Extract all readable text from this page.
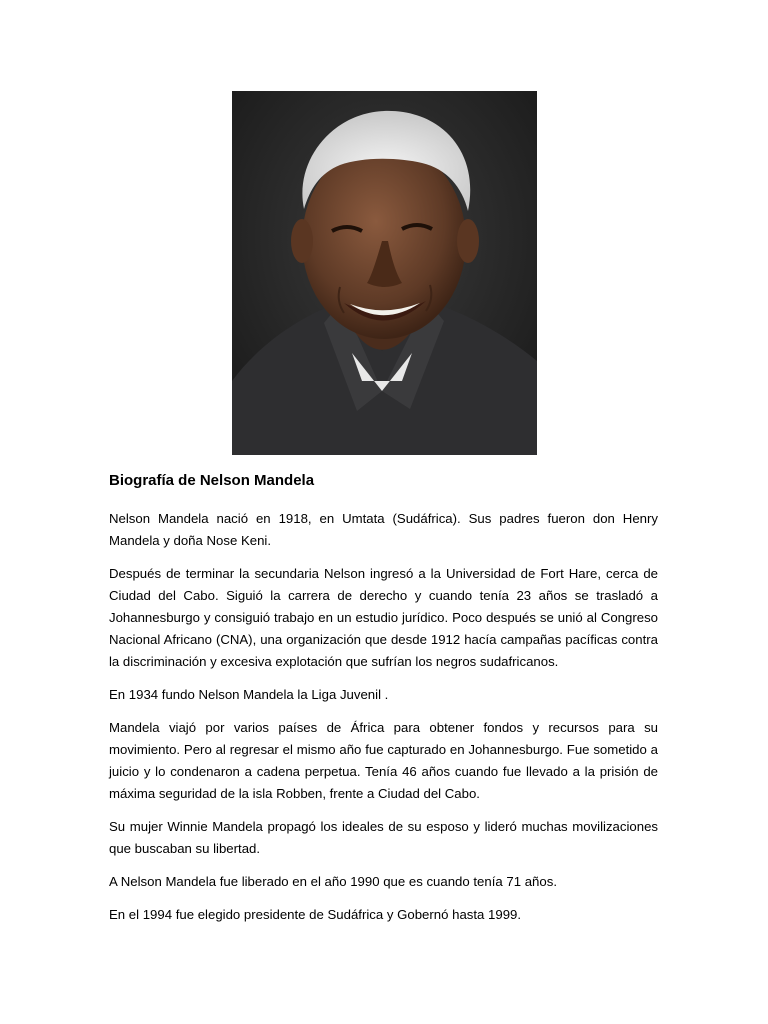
Biografía de Nelson Mandela

Nelson Mandela nació en 1918, en Umtata (Sudáfrica). Sus padres fueron don Henry Mandela y doña Nose Keni.

Después de terminar la secundaria Nelson ingresó a la Universidad de Fort Hare, cerca de Ciudad del Cabo. Siguió la carrera de derecho y cuando tenía 23 años se trasladó a Johannesburgo y consiguió trabajo en un estudio jurídico. Poco después se unió al Congreso Nacional Africano (CNA), una organización que desde 1912 hacía campañas pacíficas contra la discriminación y excesiva explotación que sufrían los negros sudafricanos.

En 1934 fundo Nelson Mandela la Liga Juvenil .

Mandela viajó por varios países de África para obtener fondos y recursos para su movimiento. Pero al regresar el mismo año fue capturado en Johannesburgo. Fue sometido a juicio y lo condenaron a cadena perpetua. Tenía 46 años cuando fue llevado a la prisión de máxima seguridad de la isla Robben, frente a Ciudad del Cabo.

Su mujer Winnie Mandela propagó los ideales de su esposo y lideró muchas movilizaciones que buscaban su libertad.

A Nelson Mandela fue liberado en el año 1990 que es cuando tenía 71 años.

En el 1994 fue elegido presidente de Sudáfrica y Gobernó hasta 1999.
